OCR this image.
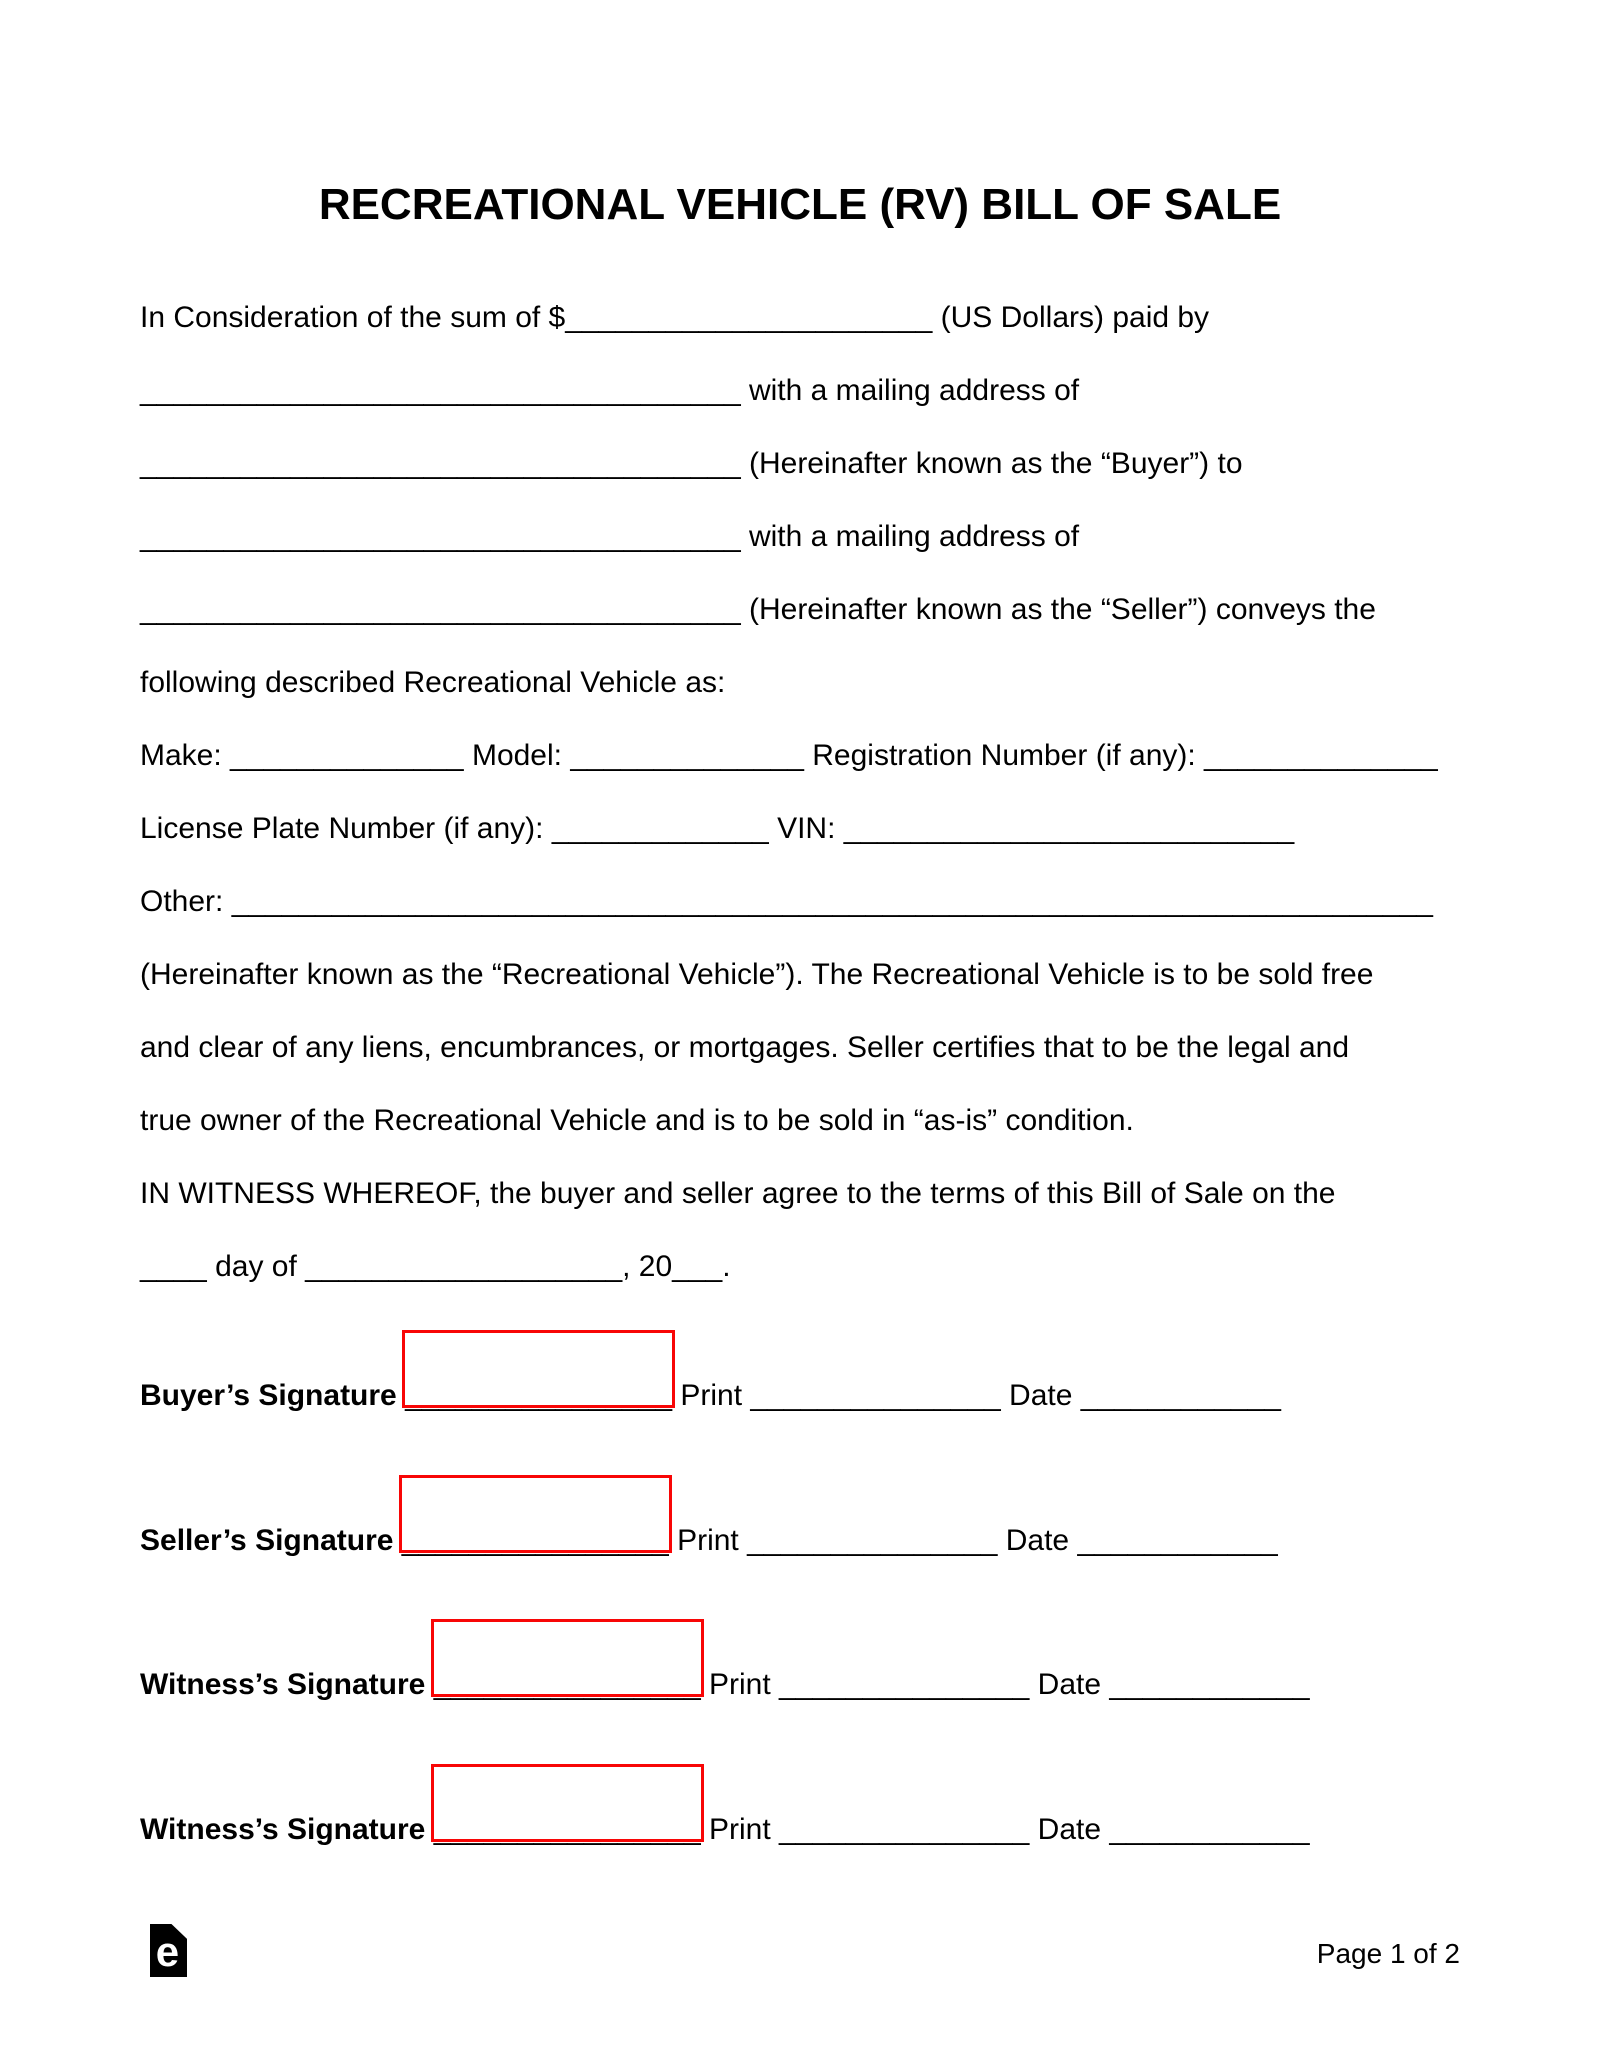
RECREATIONAL VEHICLE (RV) BILL OF SALE
In Consideration of the sum of $______________________ (US Dollars) paid by
____________________________________ with a mailing address of
____________________________________ (Hereinafter known as the “Buyer”) to
____________________________________ with a mailing address of
____________________________________ (Hereinafter known as the “Seller”) conveys the
following described Recreational Vehicle as:
Make: ______________ Model: ______________ Registration Number (if any): ______________
License Plate Number (if any): _____________ VIN: ___________________________
Other: ________________________________________________________________________
(Hereinafter known as the “Recreational Vehicle”). The Recreational Vehicle is to be sold free
and clear of any liens, encumbrances, or mortgages. Seller certifies that to be the legal and
true owner of the Recreational Vehicle and is to be sold in “as-is” condition.
IN WITNESS WHEREOF, the buyer and seller agree to the terms of this Bill of Sale on the
____ day of ___________________, 20___.
Buyer’s Signature ________________ Print _______________ Date ____________
Seller’s Signature ________________ Print _______________ Date ____________
Witness’s Signature ________________ Print _______________ Date ____________
Witness’s Signature ________________ Print _______________ Date ____________
e	Page 1 of 2
